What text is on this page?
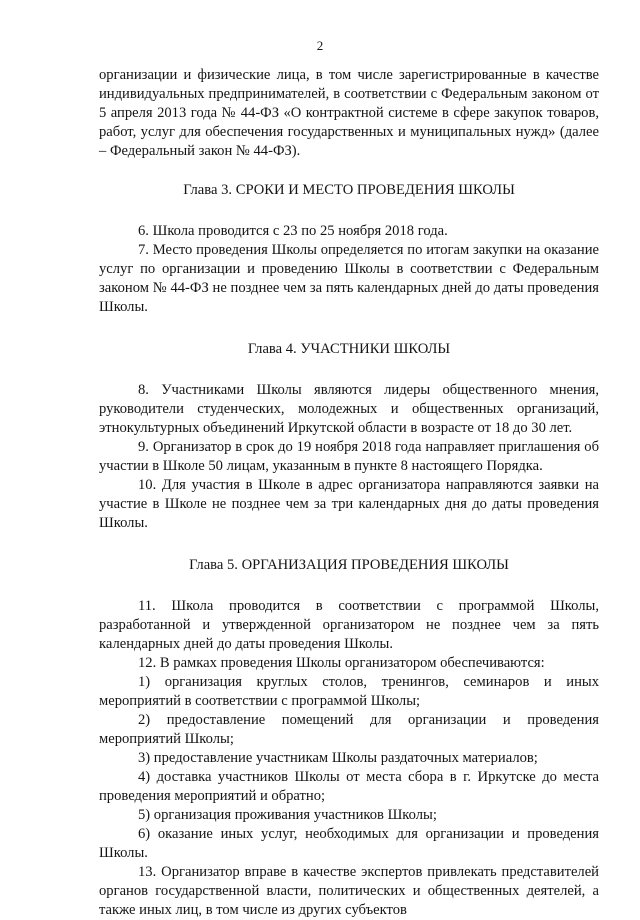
2

организации и физические лица, в том числе зарегистрированные в качестве индивидуальных предпринимателей, в соответствии с Федеральным законом от 5 апреля 2013 года № 44-ФЗ «О контрактной системе в сфере закупок товаров, работ, услуг для обеспечения государственных и муниципальных нужд» (далее – Федеральный закон № 44-ФЗ).

Глава 3. СРОКИ И МЕСТО ПРОВЕДЕНИЯ ШКОЛЫ

6. Школа проводится с 23 по 25 ноября 2018 года.

7. Место проведения Школы определяется по итогам закупки на оказание услуг по организации и проведению Школы в соответствии с Федеральным законом № 44-ФЗ не позднее чем за пять календарных дней до даты проведения Школы.

Глава 4. УЧАСТНИКИ ШКОЛЫ

8. Участниками Школы являются лидеры общественного мнения, руководители студенческих, молодежных и общественных организаций, этнокультурных объединений Иркутской области в возрасте от 18 до 30 лет.

9. Организатор в срок до 19 ноября 2018 года направляет приглашения об участии в Школе 50 лицам, указанным в пункте 8 настоящего Порядка.

10. Для участия в Школе в адрес организатора направляются заявки на участие в Школе не позднее чем за три календарных дня до даты проведения Школы.

Глава 5. ОРГАНИЗАЦИЯ ПРОВЕДЕНИЯ ШКОЛЫ

11. Школа проводится в соответствии с программой Школы, разработанной и утвержденной организатором не позднее чем за пять календарных дней до даты проведения Школы.

12. В рамках проведения Школы организатором обеспечиваются:

1) организация круглых столов, тренингов, семинаров и иных мероприятий в соответствии с программой Школы;

2) предоставление помещений для организации и проведения мероприятий Школы;

3) предоставление участникам Школы раздаточных материалов;

4) доставка участников Школы от места сбора в г. Иркутске до места проведения мероприятий и обратно;

5) организация проживания участников Школы;

6) оказание иных услуг, необходимых для организации и проведения Школы.

13. Организатор вправе в качестве экспертов привлекать представителей органов государственной власти, политических и общественных деятелей, а также иных лиц, в том числе из других субъектов
